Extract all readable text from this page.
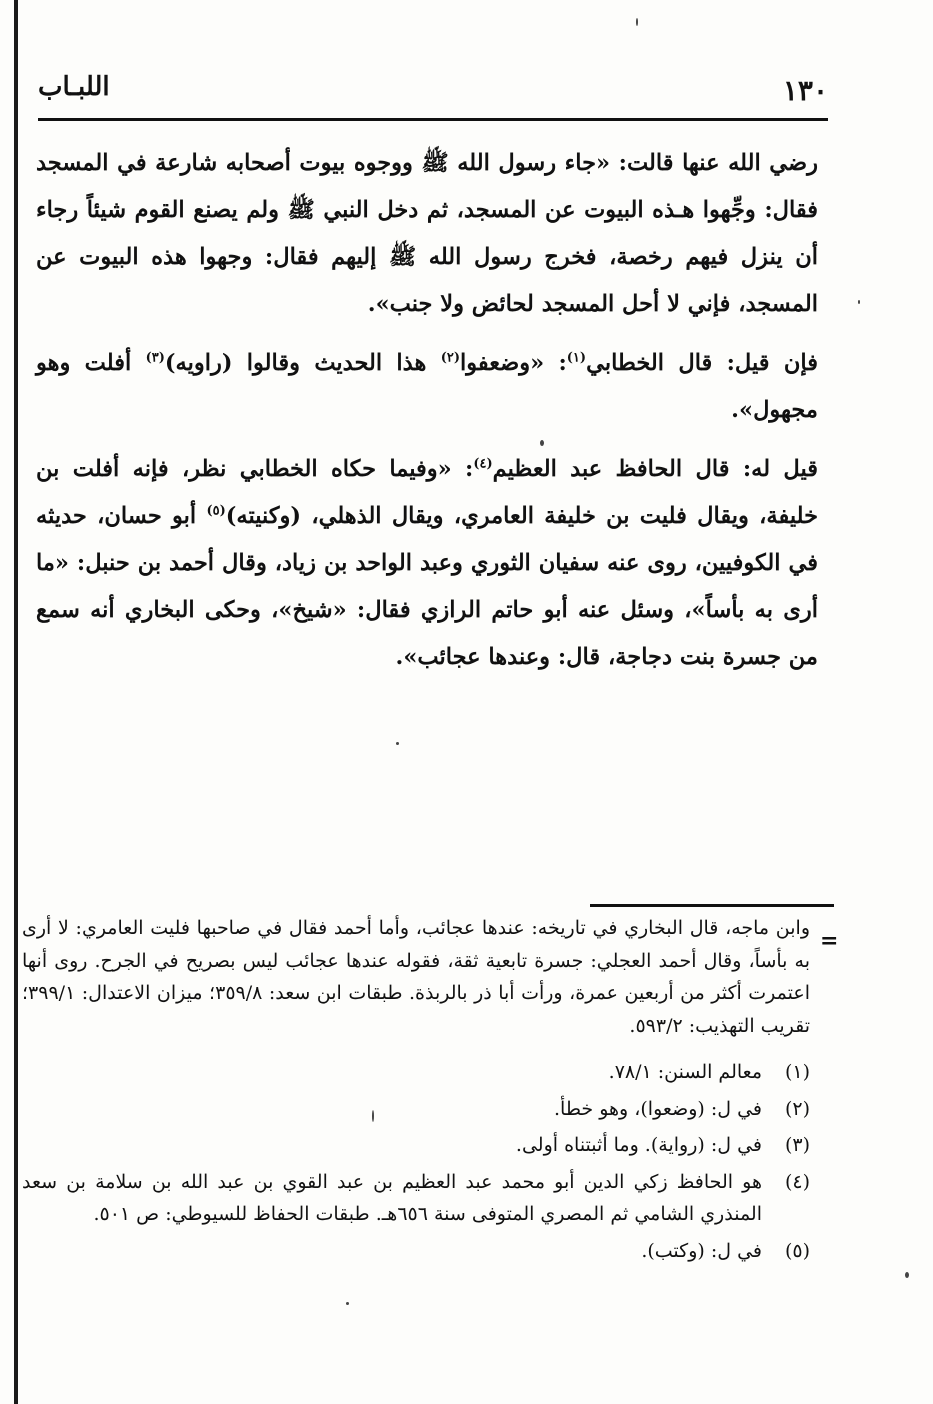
١٣٠
اللبـاب

رضي الله عنها قالت: «جاء رسول الله ﷺ ووجوه بيوت أصحابه شارعة في المسجد فقال: وجِّهوا هـذه البيوت عن المسجد، ثم دخل النبي ﷺ ولم يصنع القوم شيئاً رجاء أن ينزل فيهم رخصة، فخرج رسول الله ﷺ إليهم فقال: وجهوا هذه البيوت عن المسجد، فإني لا أحل المسجد لحائض ولا جنب».

فإن قيل: قال الخطابي$^{(١)}$: «وضعفوا$^{(٢)}$ هذا الحديث وقالوا (راويه)$^{(٣)}$ أفلت وهو مجهول».

قيل له: قال الحافظ عبد العظيم$^{(٤)}$: «وفيما حكاه الخطابي نظر، فإنه أفلت بن خليفة، ويقال فليت بن خليفة العامري، ويقال الذهلي، (وكنيته)$^{(٥)}$ أبو حسان، حديثه في الكوفيين، روى عنه سفيان الثوري وعبد الواحد بن زياد، وقال أحمد بن حنبل: «ما أرى به بأساً»، وسئل عنه أبو حاتم الرازي فقال: «شيخ»، وحكى البخاري أنه سمع من جسرة بنت دجاجة، قال: وعندها عجائب».

=

وابن ماجه، قال البخاري في تاريخه: عندها عجائب، وأما أحمد فقال في صاحبها فليت العامري: لا أرى به بأساً، وقال أحمد العجلي: جسرة تابعية ثقة، فقوله عندها عجائب ليس بصريح في الجرح. روى أنها اعتمرت أكثر من أربعين عمرة، ورأت أبا ذر بالربذة. طبقات ابن سعد: ٣٥٩/٨؛ ميزان الاعتدال: ٣٩٩/١؛ تقريب التهذيب: ٥٩٣/٢.

(١)
معالم السنن: ٧٨/١.
(٢)
في ل: (وضعوا)، وهو خطأ.
(٣)
في ل: (رواية). وما أثبتناه أولى.
(٤)
هو الحافظ زكي الدين أبو محمد عبد العظيم بن عبد القوي بن عبد الله بن سلامة بن سعد المنذري الشامي ثم المصري المتوفى سنة ٦٥٦هـ. طبقات الحفاظ للسيوطي: ص ٥٠١.
(٥)
في ل: (وكتب).
